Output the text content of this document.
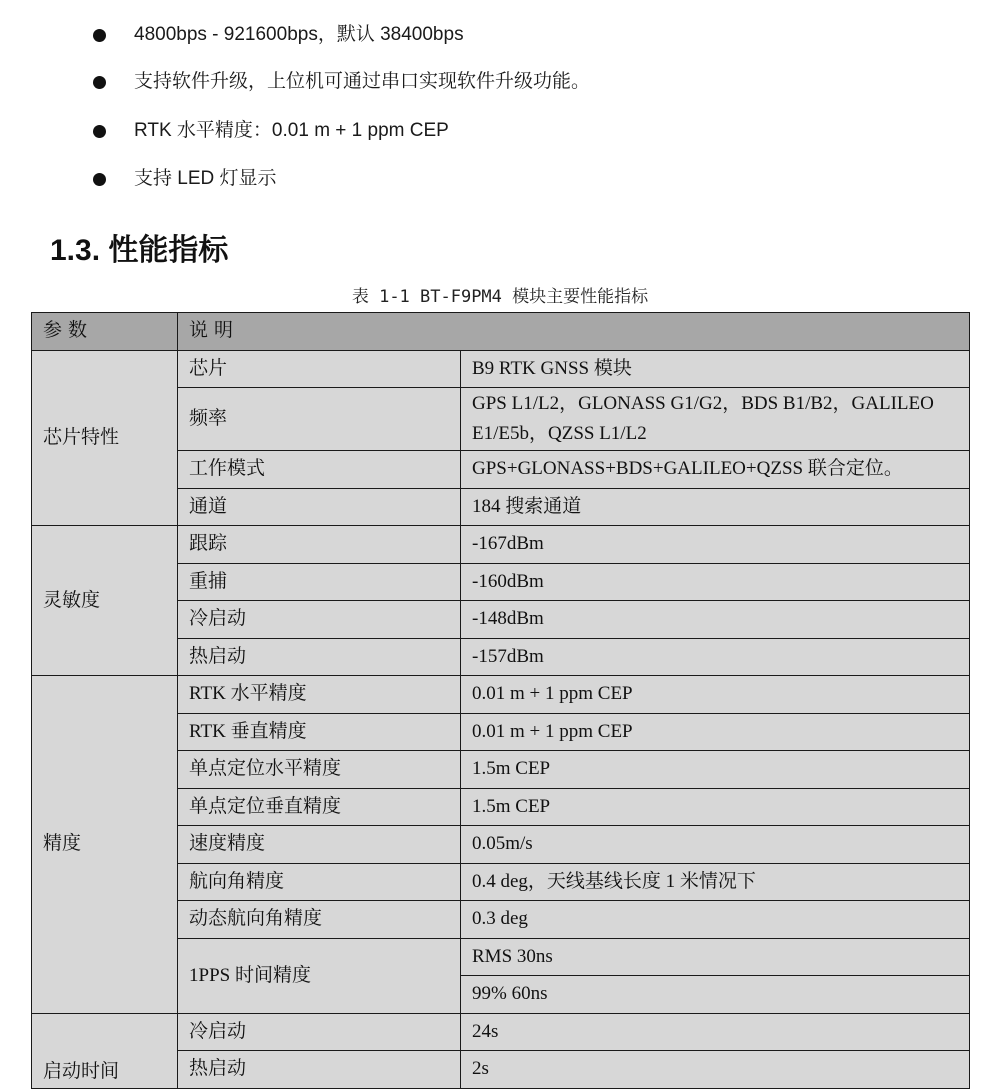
4800bps - 921600bps，默认 38400bps
支持软件升级，上位机可通过串口实现软件升级功能。
RTK 水平精度：0.01 m + 1 ppm CEP
支持 LED 灯显示
1.3. 性能指标
表 1-1 BT-F9PM4 模块主要性能指标
参数	说明	
芯片特性	芯片	B9 RTK GNSS 模块
	频率	GPS L1/L2，GLONASS G1/G2，BDS B1/B2，GALILEO E1/E5b，QZSS L1/L2
	工作模式	GPS+GLONASS+BDS+GALILEO+QZSS 联合定位。
	通道	184 搜索通道
灵敏度	跟踪	-167dBm
	重捕	-160dBm
	冷启动	-148dBm
	热启动	-157dBm
精度	RTK 水平精度	0.01 m + 1 ppm CEP
	RTK 垂直精度	0.01 m + 1 ppm CEP
	单点定位水平精度	1.5m CEP
	单点定位垂直精度	1.5m CEP
	速度精度	0.05m/s
	航向角精度	0.4 deg，天线基线长度 1 米情况下
	动态航向角精度	0.3 deg
	1PPS 时间精度	RMS 30ns
		99% 60ns
启动时间	冷启动	24s
	热启动	2s
